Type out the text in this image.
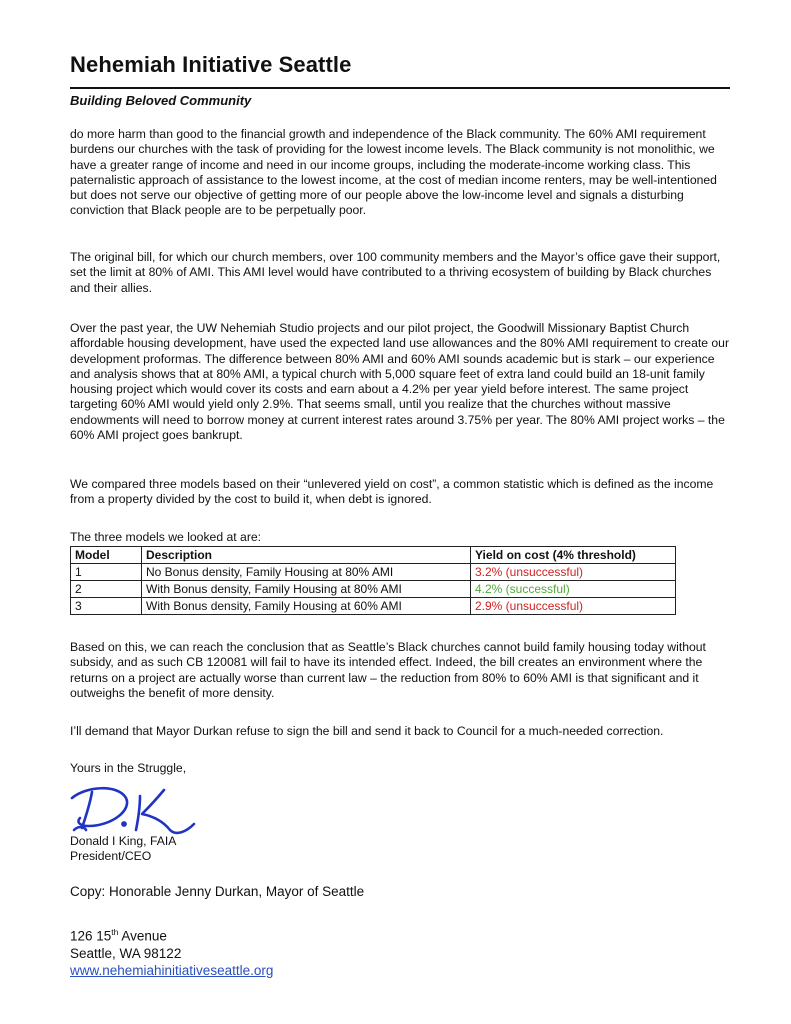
Nehemiah Initiative Seattle
Building Beloved Community

do more harm than good to the financial growth and independence of the Black community. The 60% AMI requirement burdens our churches with the task of providing for the lowest income levels. The Black community is not monolithic, we have a greater range of income and need in our income groups, including the moderate-income working class. This paternalistic approach of assistance to the lowest income, at the cost of median income renters, may be well-intentioned but does not serve our objective of getting more of our people above the low-income level and signals a disturbing conviction that Black people are to be perpetually poor.

The original bill, for which our church members, over 100 community members and the Mayor’s office gave their support, set the limit at 80% of AMI. This AMI level would have contributed to a thriving ecosystem of building by Black churches and their allies.

Over the past year, the UW Nehemiah Studio projects and our pilot project, the Goodwill Missionary Baptist Church affordable housing development, have used the expected land use allowances and the 80% AMI requirement to create our development proformas. The difference between 80% AMI and 60% AMI sounds academic but is stark – our experience and analysis shows that at 80% AMI, a typical church with 5,000 square feet of extra land could build an 18-unit family housing project which would cover its costs and earn about a 4.2% per year yield before interest. The same project targeting 60% AMI would yield only 2.9%. That seems small, until you realize that the churches without massive endowments will need to borrow money at current interest rates around 3.75% per year. The 80% AMI project works – the 60% AMI project goes bankrupt.

We compared three models based on their “unlevered yield on cost”, a common statistic which is defined as the income from a property divided by the cost to build it, when debt is ignored.

The three models we looked at are:

Model	Description	Yield on cost (4% threshold)
1	No Bonus density, Family Housing at 80% AMI	3.2% (unsuccessful)
2	With Bonus density, Family Housing at 80% AMI	4.2% (successful)
3	With Bonus density, Family Housing at 60% AMI	2.9% (unsuccessful)

Based on this, we can reach the conclusion that as Seattle’s Black churches cannot build family housing today without subsidy, and as such CB 120081 will fail to have its intended effect. Indeed, the bill creates an environment where the returns on a project are actually worse than current law – the reduction from 80% to 60% AMI is that significant and it outweighs the benefit of more density.

I’ll demand that Mayor Durkan refuse to sign the bill and send it back to Council for a much-needed correction.

Yours in the Struggle,

Donald I King, FAIA
President/CEO
Copy: Honorable Jenny Durkan, Mayor of Seattle
126 15th Avenue
Seattle, WA 98122
www.nehemiahinitiativeseattle.org
